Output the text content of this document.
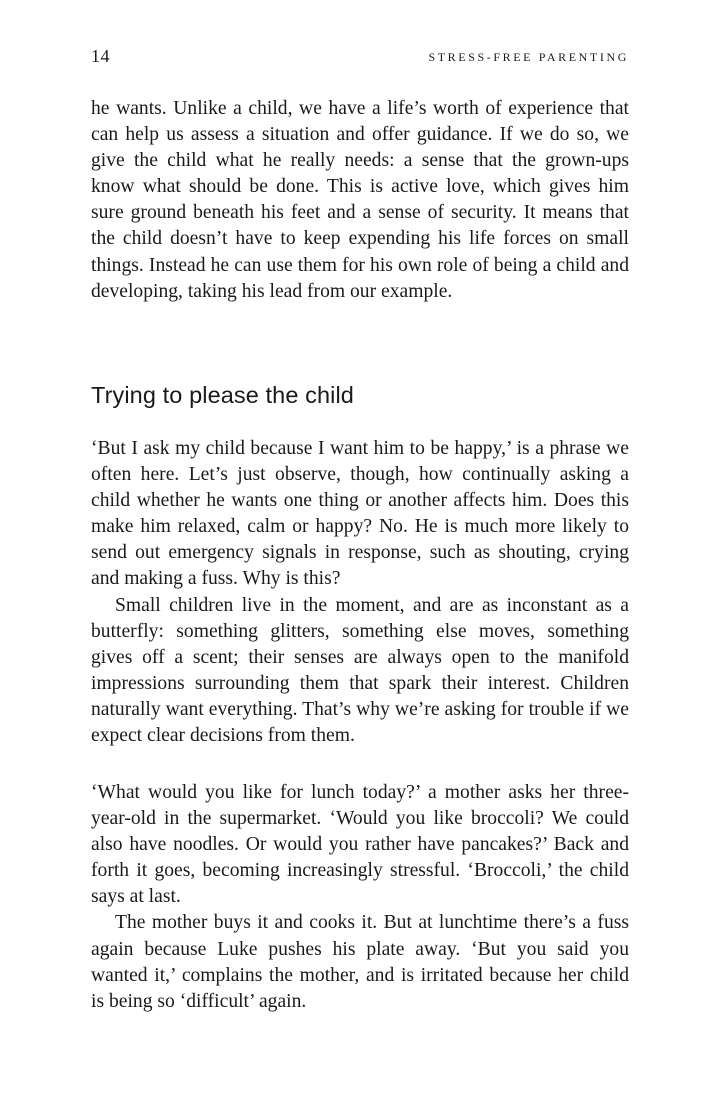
14	STRESS-FREE PARENTING

he wants. Unlike a child, we have a life’s worth of experience that can help us assess a situation and offer guidance. If we do so, we give the child what he really needs: a sense that the grown-ups know what should be done. This is active love, which gives him sure ground beneath his feet and a sense of security. It means that the child doesn’t have to keep expending his life forces on small things. Instead he can use them for his own role of being a child and developing, taking his lead from our example.

Trying to please the child

‘But I ask my child because I want him to be happy,’ is a phrase we often here. Let’s just observe, though, how continually asking a child whether he wants one thing or another affects him. Does this make him relaxed, calm or happy? No. He is much more likely to send out emergency signals in response, such as shouting, crying and making a fuss. Why is this?

Small children live in the moment, and are as inconstant as a butterfly: something glitters, something else moves, something gives off a scent; their senses are always open to the manifold impressions surrounding them that spark their interest. Children naturally want everything. That’s why we’re asking for trouble if we expect clear decisions from them.

‘What would you like for lunch today?’ a mother asks her three-year-old in the supermarket. ‘Would you like broccoli? We could also have noodles. Or would you rather have pancakes?’ Back and forth it goes, becoming increasingly stressful. ‘Broccoli,’ the child says at last.

The mother buys it and cooks it. But at lunchtime there’s a fuss again because Luke pushes his plate away. ‘But you said you wanted it,’ complains the mother, and is irritated because her child is being so ‘difficult’ again.
